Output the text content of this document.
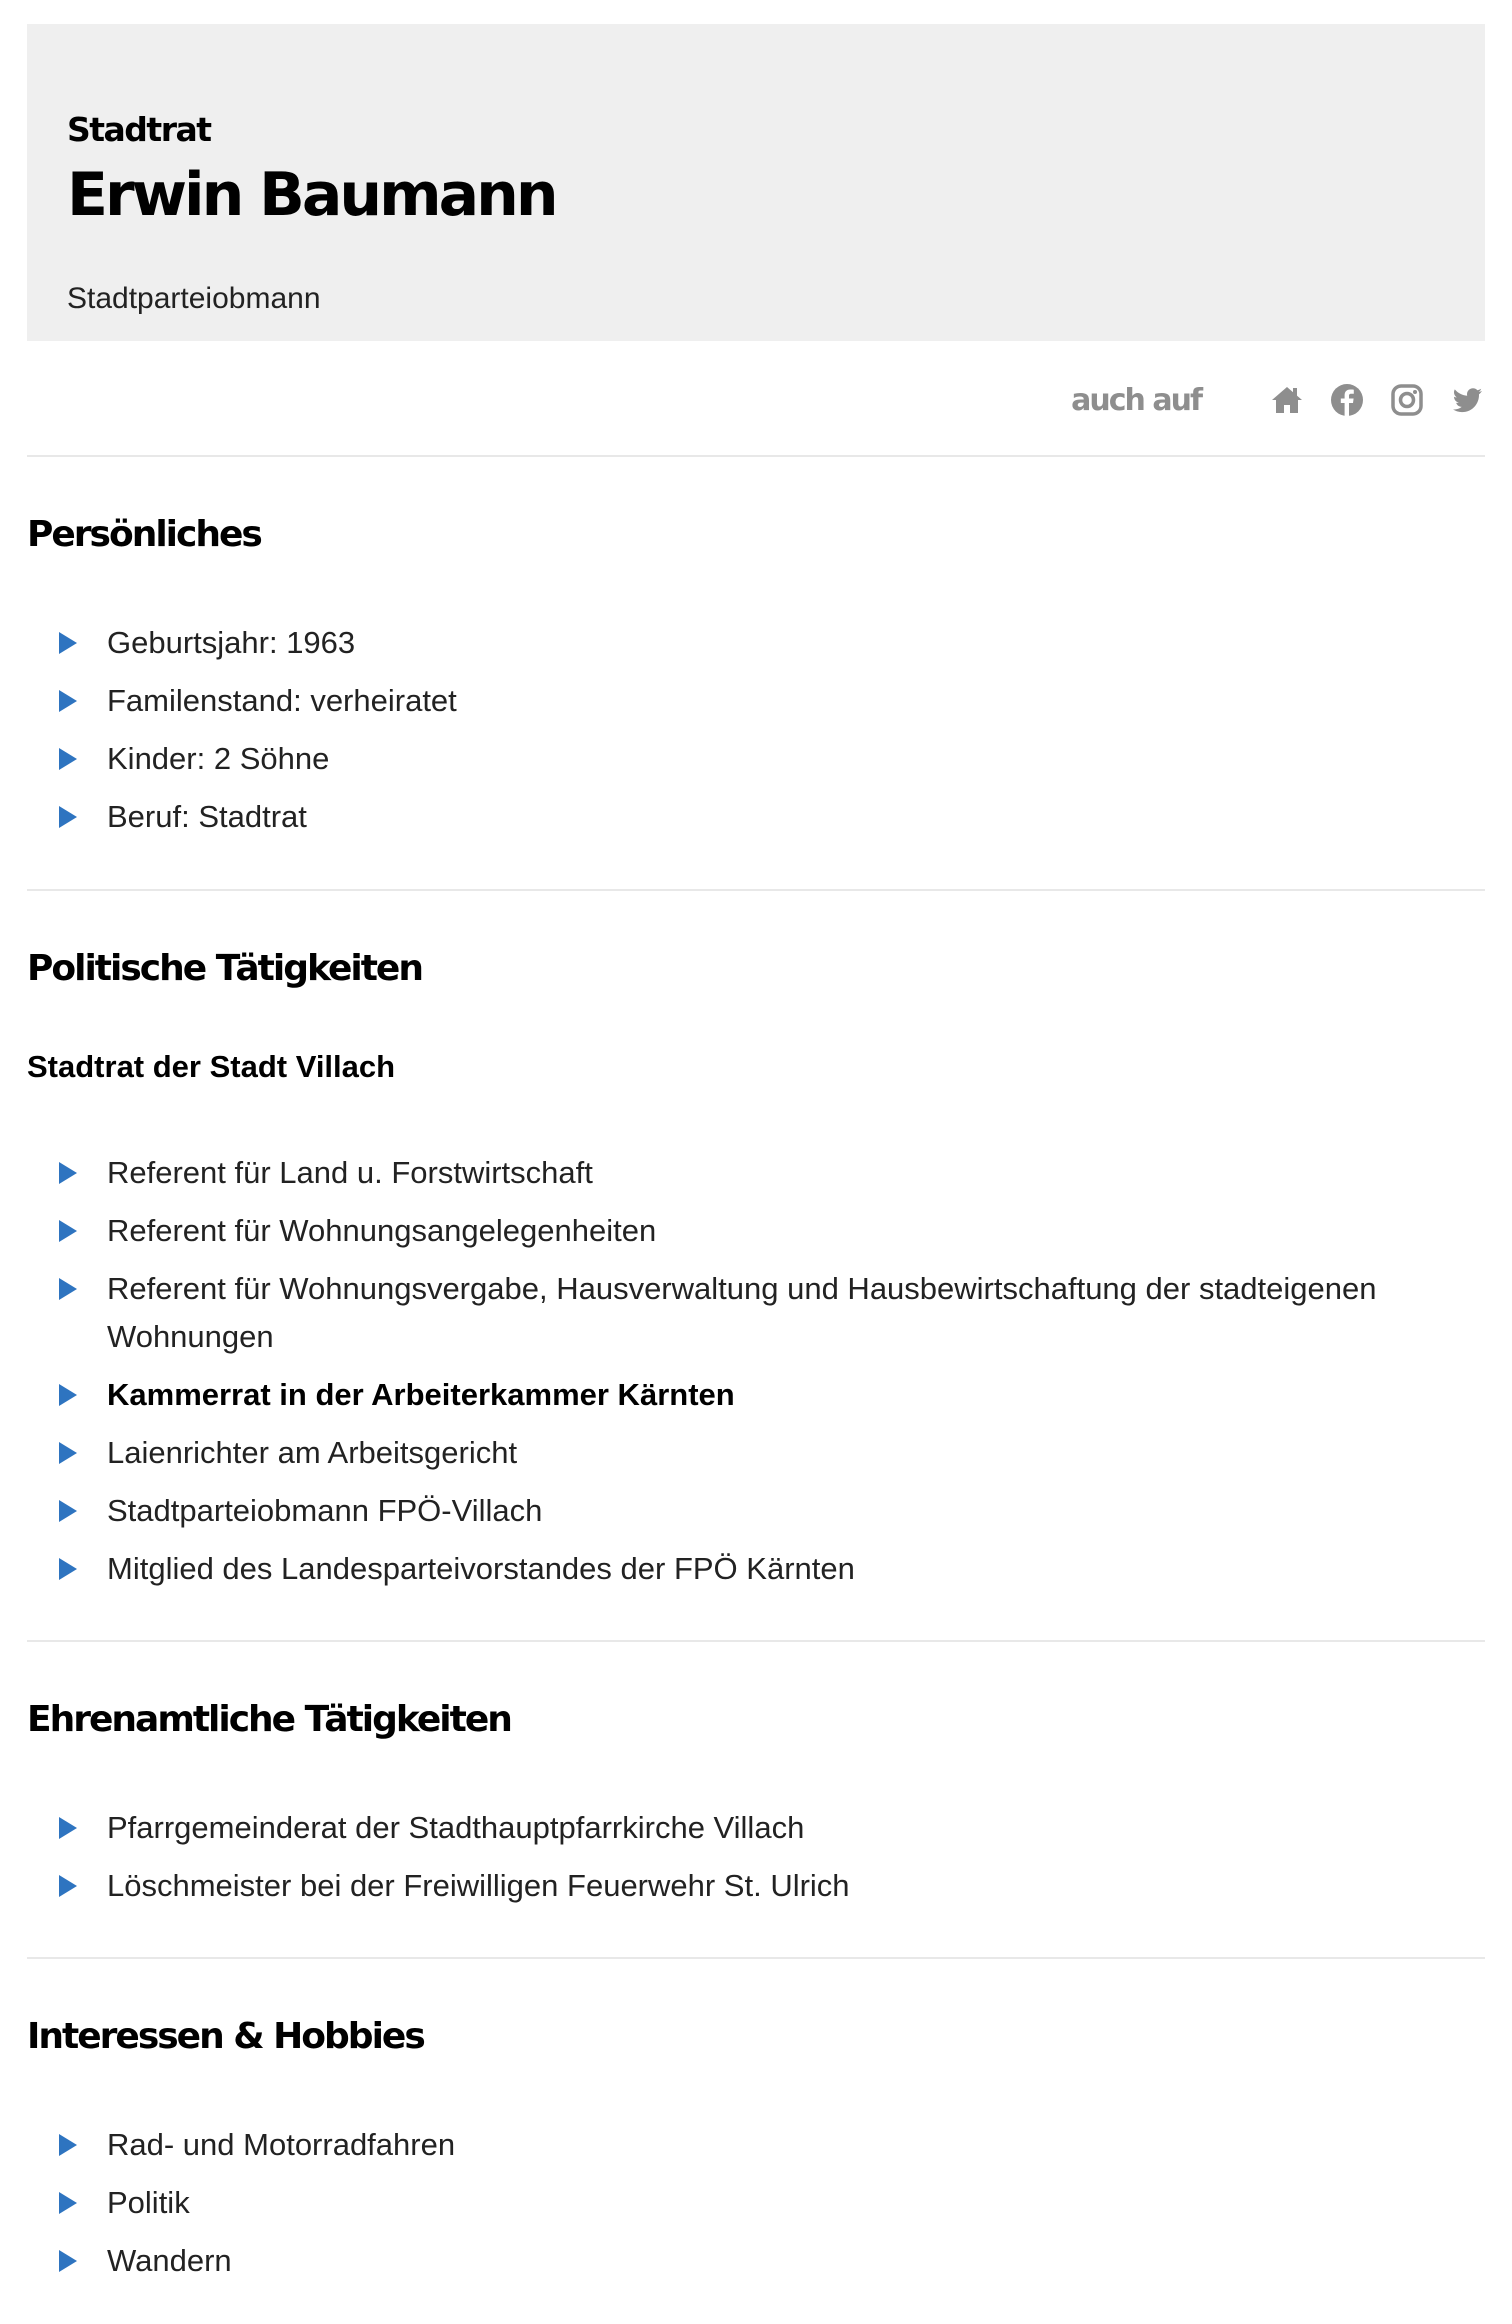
Stadtrat
Erwin Baumann
Stadtparteiobmann
auch auf
Persönliches
Geburtsjahr: 1963
Familenstand: verheiratet
Kinder: 2 Söhne
Beruf: Stadtrat
Politische Tätigkeiten
Stadtrat der Stadt Villach
Referent für Land u. Forstwirtschaft
Referent für Wohnungsangelegenheiten
Referent für Wohnungsvergabe, Hausverwaltung und Hausbewirtschaftung der stadteigenen Wohnungen
Kammerrat in der Arbeiterkammer Kärnten
Laienrichter am Arbeitsgericht
Stadtparteiobmann FPÖ-Villach
Mitglied des Landesparteivorstandes der FPÖ Kärnten
Ehrenamtliche Tätigkeiten
Pfarrgemeinderat der Stadthauptpfarrkirche Villach
Löschmeister bei der Freiwilligen Feuerwehr St. Ulrich
Interessen & Hobbies
Rad- und Motorradfahren
Politik
Wandern
